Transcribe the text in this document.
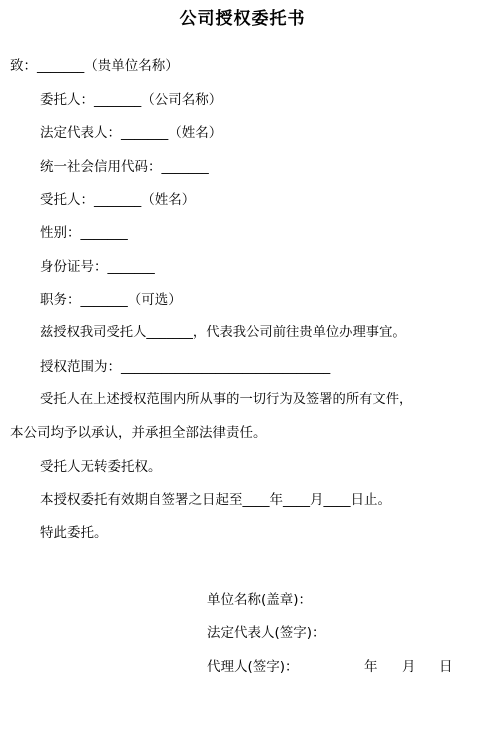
公司授权委托书
致：_______（贵单位名称）
委托人：_______（公司名称）
法定代表人：_______（姓名）
统一社会信用代码：_______
受托人：_______（姓名）
性别：_______
身份证号：_______
职务：_______（可选）
兹授权我司受托人_______，代表我公司前往贵单位办理事宜。
授权范围为：_______________________________
受托人在上述授权范围内所从事的一切行为及签署的所有文件，
本公司均予以承认，并承担全部法律责任。
受托人无转委托权。
本授权委托有效期自签署之日起至____年____月____日止。
特此委托。
单位名称(盖章)：
法定代表人(签字)：
代理人(签字)：	年 月 日
